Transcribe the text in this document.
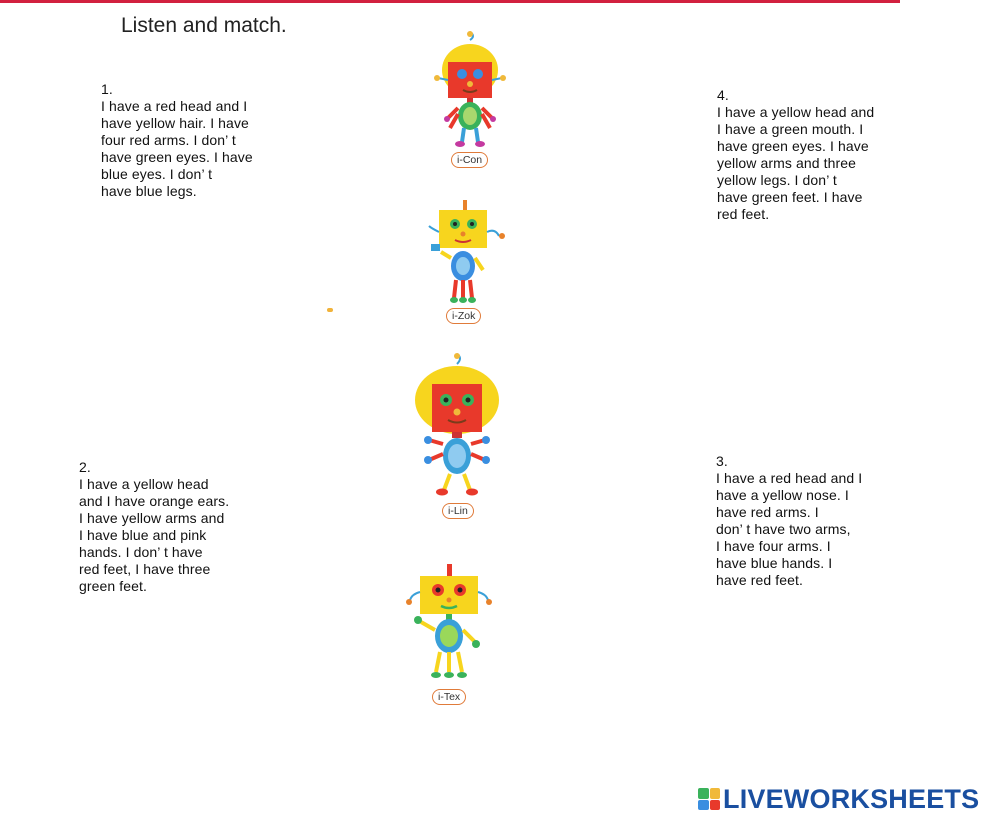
Listen and match.
1.
I have a red head and I
have yellow hair. I have
four red arms. I don’ t
have green eyes. I have
blue eyes. I don’ t
have blue legs.
2.
I have a yellow head
and I have orange ears.
I have yellow arms and
I have blue and pink
hands. I don’ t have
red feet, I have three
green feet.
3.
I have a red head and I
have a yellow nose. I
have red arms. I
don’ t have two arms,
I have four arms. I
have blue hands. I
have red feet.
4.
I have a yellow head and
I have a green mouth. I
have green eyes. I have
yellow arms and three
yellow legs. I don’ t
have green feet. I have
red feet.
i-Con
i-Zok
i-Lin
i-Tex
LIVEWORKSHEETS
